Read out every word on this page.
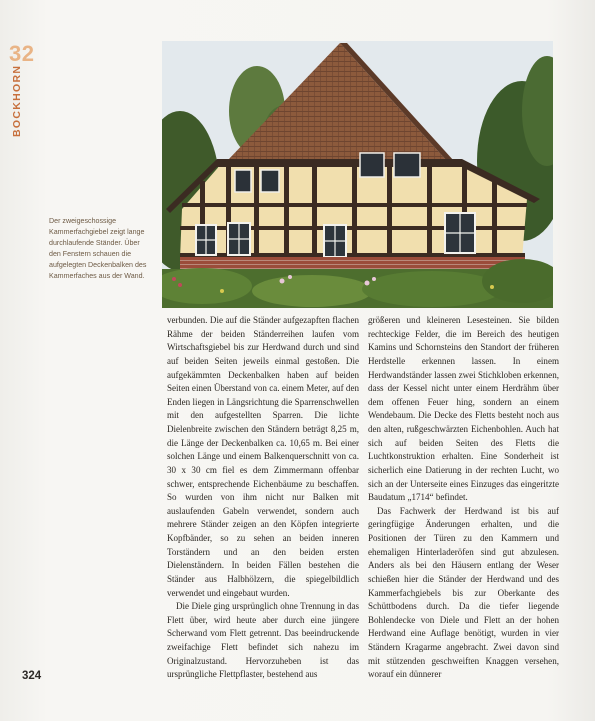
32
BOCKHORN

Der zweigeschossige Kammerfachgiebel zeigt lange durchlaufende Ständer. Über den Fenstern schauen die aufgelegten Deckenbalken des Kammerfaches aus der Wand.

verbunden. Die auf die Ständer aufgezapften flachen Rähme der beiden Ständerreihen laufen vom Wirtschaftsgiebel bis zur Herdwand durch und sind auf beiden Seiten jeweils einmal gestoßen. Die aufgekämmten Deckenbalken haben auf beiden Seiten einen Überstand von ca. einem Meter, auf den Enden liegen in Längsrichtung die Sparrenschwellen mit den aufgestellten Sparren. Die lichte Dielenbreite zwischen den Ständern beträgt 8,25 m, die Länge der Deckenbalken ca. 10,65 m. Bei einer solchen Länge und einem Balkenquerschnitt von ca. 30 x 30 cm fiel es dem Zimmermann offenbar schwer, entsprechende Eichenbäume zu beschaffen. So wurden von ihm nicht nur Balken mit auslaufenden Gabeln verwendet, sondern auch mehrere Ständer zeigen an den Köpfen integrierte Kopfbänder, so zu sehen an beiden inneren Torständern und an den beiden ersten Dielenständern. In beiden Fällen bestehen die Ständer aus Halbhölzern, die spiegelbildlich verwendet und eingebaut wurden.

Die Diele ging ursprünglich ohne Trennung in das Flett über, wird heute aber durch eine jüngere Scherwand vom Flett getrennt. Das beeindruckende zweifachige Flett befindet sich nahezu im Originalzustand. Hervorzuheben ist das ursprüngliche Flettpflaster, bestehend aus

größeren und kleineren Lesesteinen. Sie bilden rechteckige Felder, die im Bereich des heutigen Kamins und Schornsteins den Standort der früheren Herdstelle erkennen lassen. In einem Herdwandständer lassen zwei Stichkloben erkennen, dass der Kessel nicht unter einem Herdrähm über dem offenen Feuer hing, sondern an einem Wendebaum. Die Decke des Fletts besteht noch aus den alten, rußgeschwärzten Eichenbohlen. Auch hat sich auf beiden Seiten des Fletts die Luchtkonstruktion erhalten. Eine Sonderheit ist sicherlich eine Datierung in der rechten Lucht, wo sich an der Unterseite eines Einzuges das eingeritzte Baudatum „1714“ befindet.

Das Fachwerk der Herdwand ist bis auf geringfügige Änderungen erhalten, und die Positionen der Türen zu den Kammern und ehemaligen Hinterladeröfen sind gut abzulesen. Anders als bei den Häusern entlang der Weser schießen hier die Ständer der Herdwand und des Kammerfachgiebels bis zur Oberkante des Schüttbodens durch. Da die tiefer liegende Bohlendecke von Diele und Flett an der hohen Herdwand eine Auflage benötigt, wurden in vier Ständern Kragarme angebracht. Zwei davon sind mit stützenden geschweiften Knaggen versehen, worauf ein dünnerer

324
